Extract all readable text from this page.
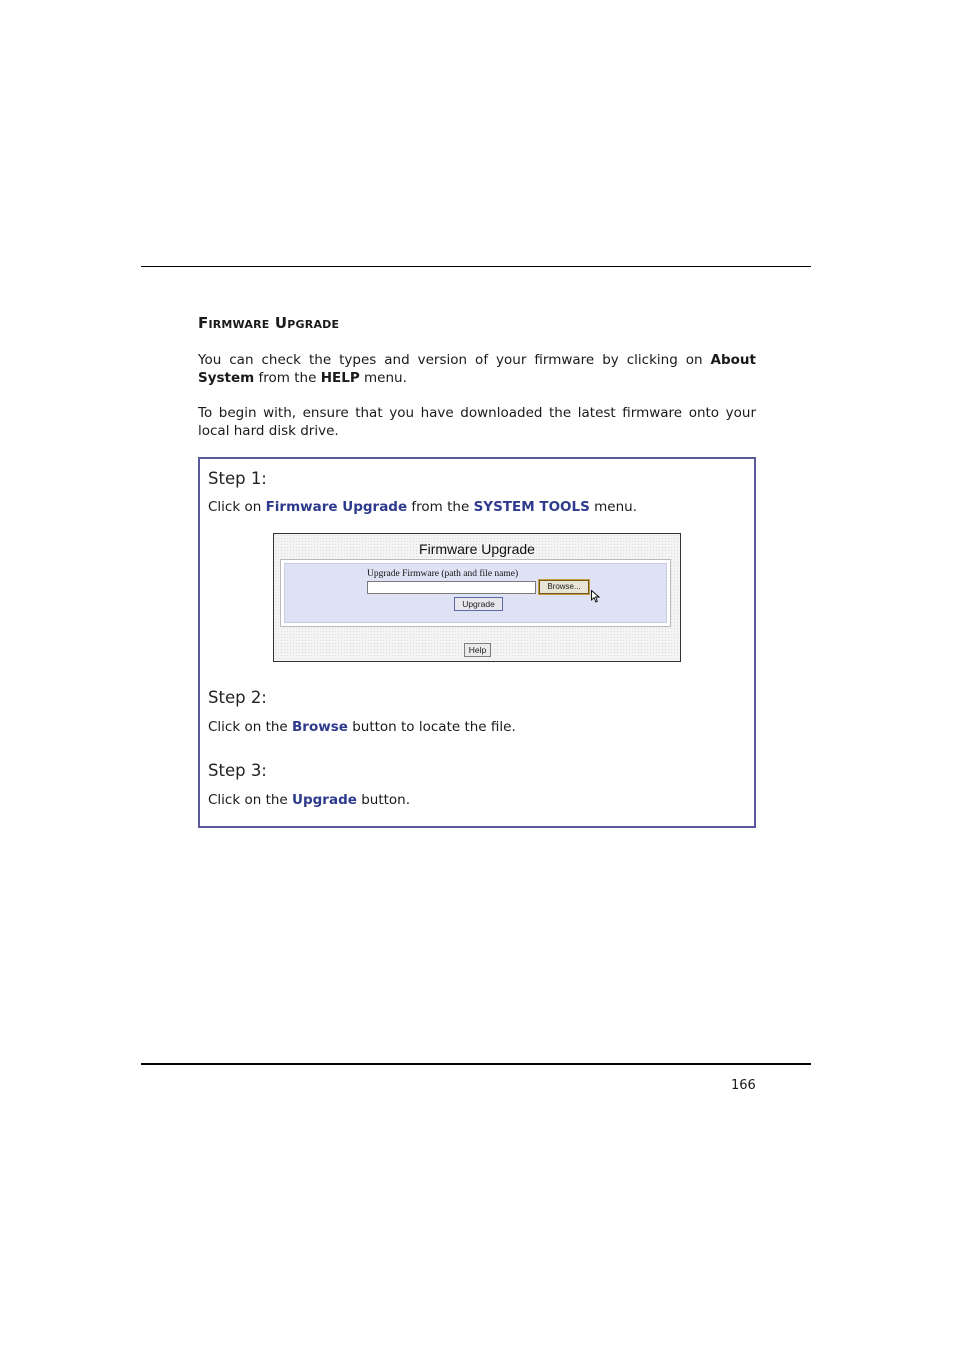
Firmware Upgrade
You can check the types and version of your firmware by clicking on About System from the HELP menu.
To begin with, ensure that you have downloaded the latest firmware onto your local hard disk drive.
Step 1:
Click on Firmware Upgrade from the SYSTEM TOOLS menu.
Firmware Upgrade
Upgrade Firmware (path and file name)
Browse...
Upgrade
Help
Step 2:
Click on the Browse button to locate the file.
Step 3:
Click on the Upgrade button.
166
